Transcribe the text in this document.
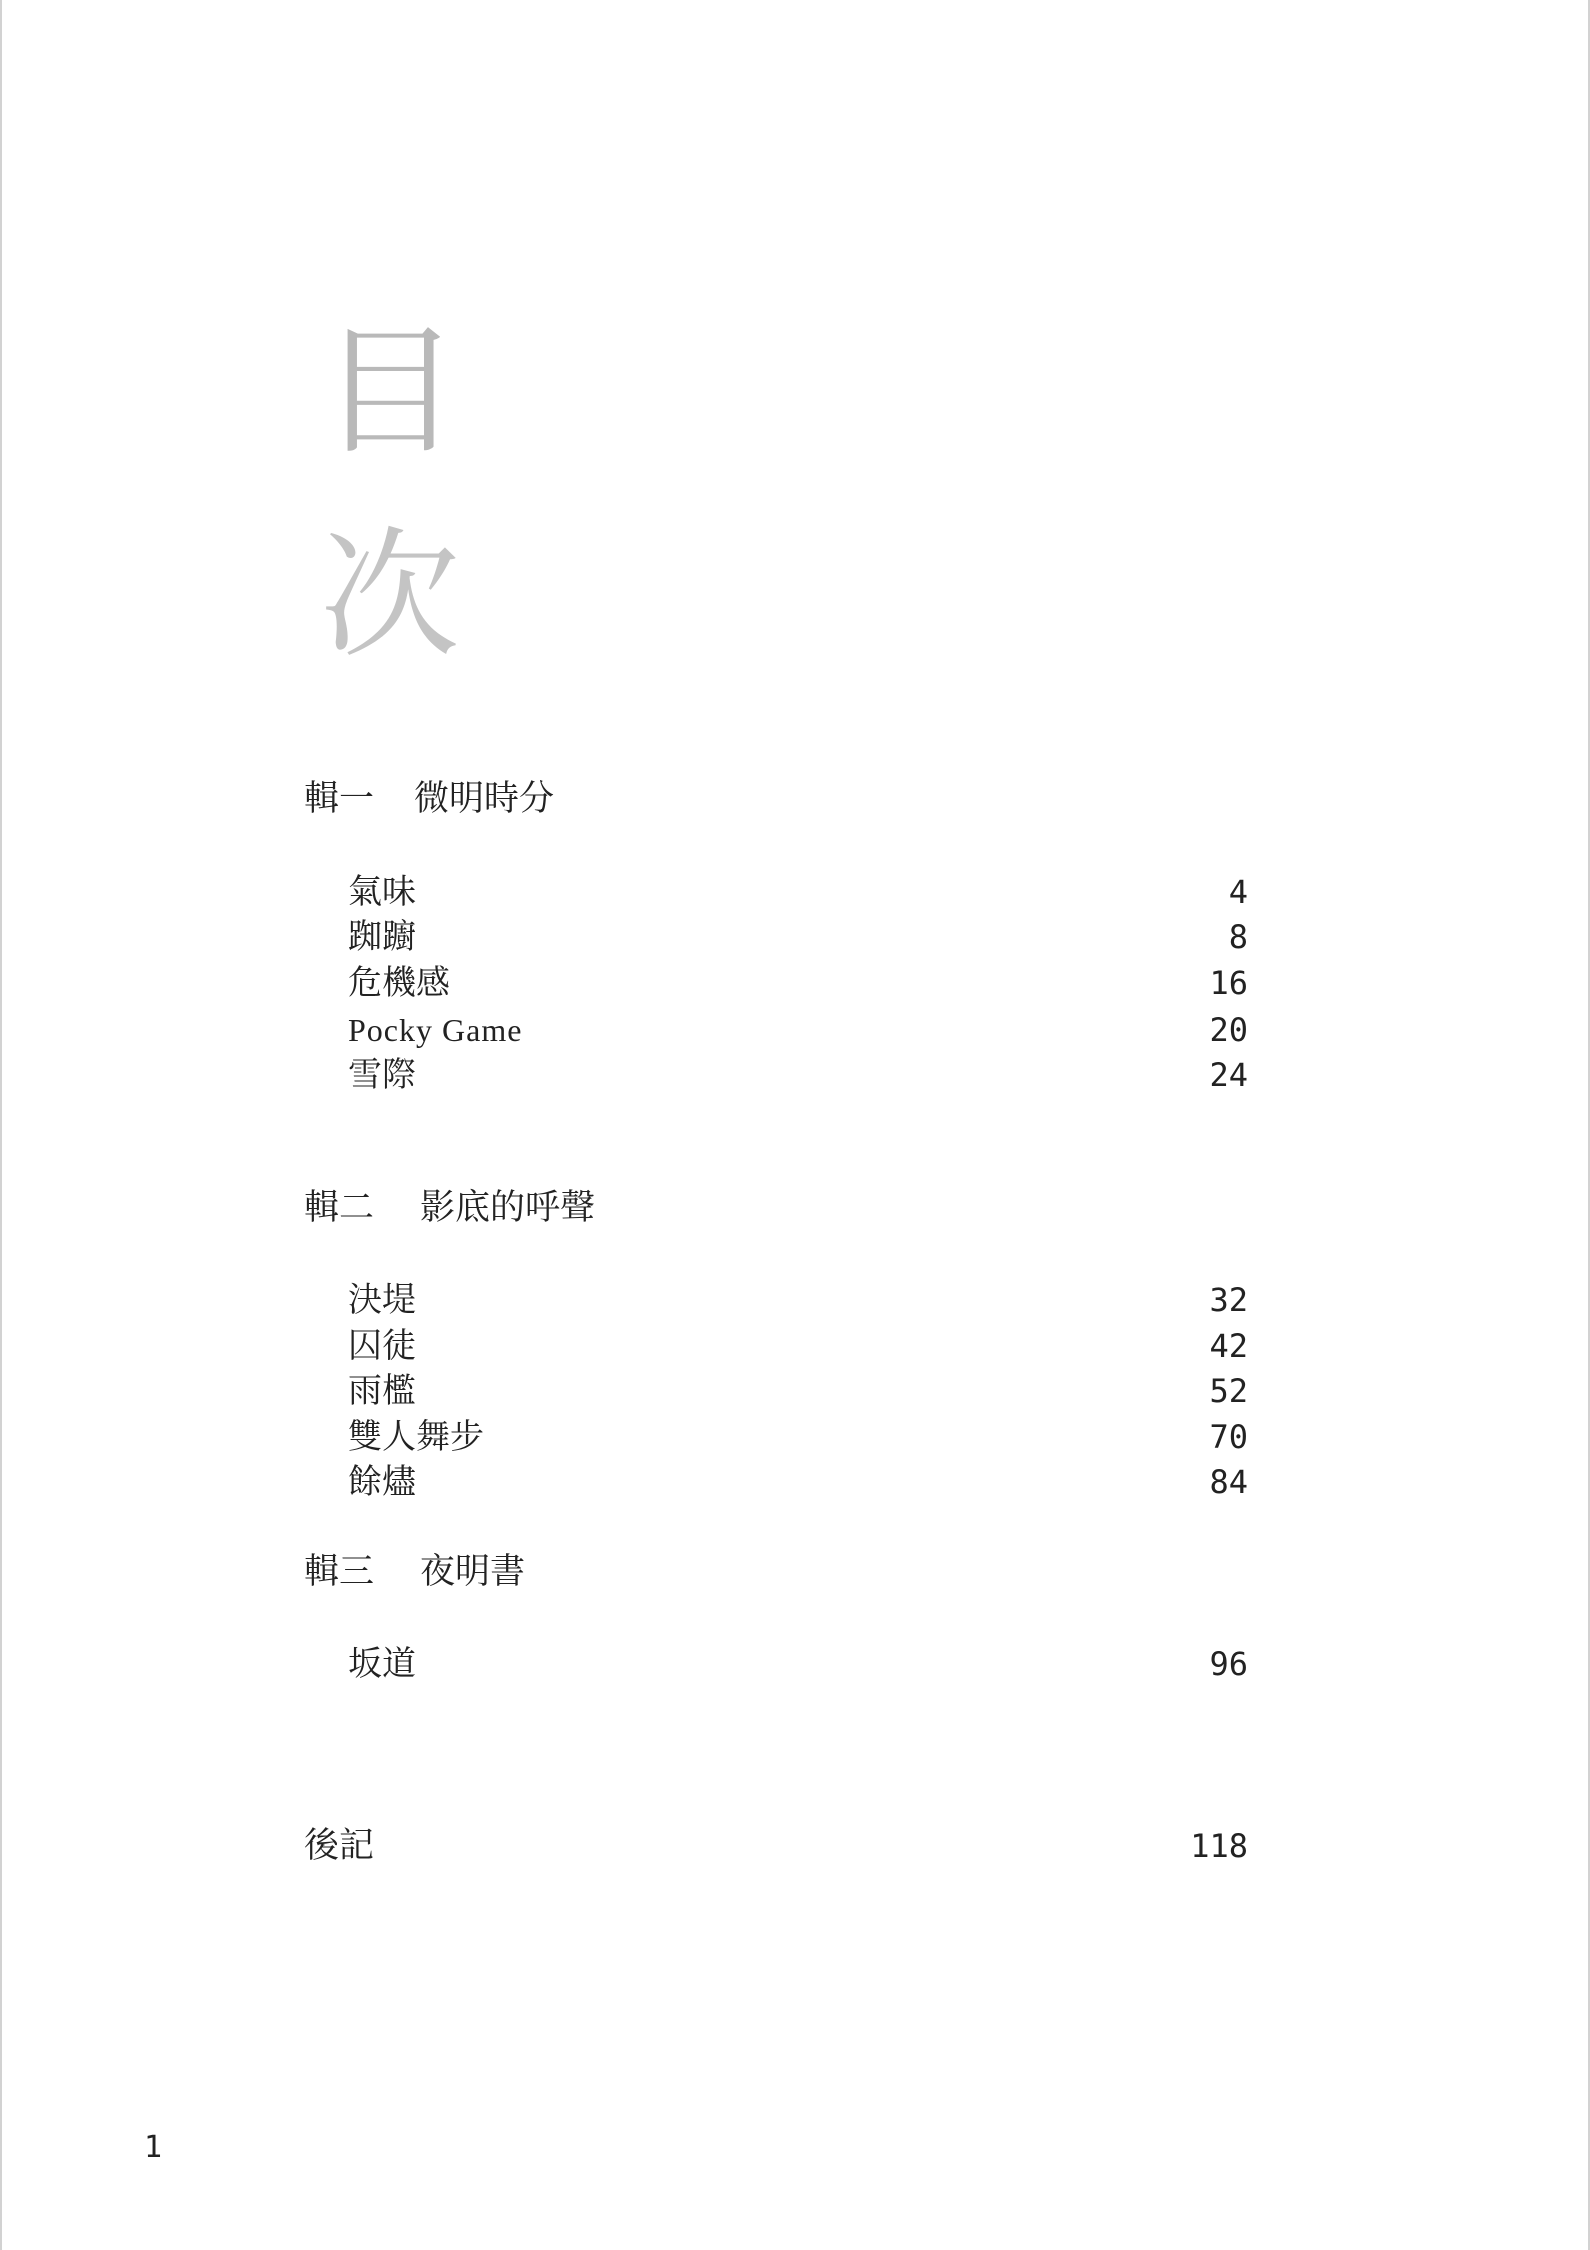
目
次
輯一 微明時分
氣味	4
踟躕	8
危機感	16
Pocky Game	20
雪際	24
輯二 影底的呼聲
決堤	32
囚徒	42
雨檻	52
雙人舞步	70
餘燼	84
輯三 夜明書
坂道	96
後記	118
1
